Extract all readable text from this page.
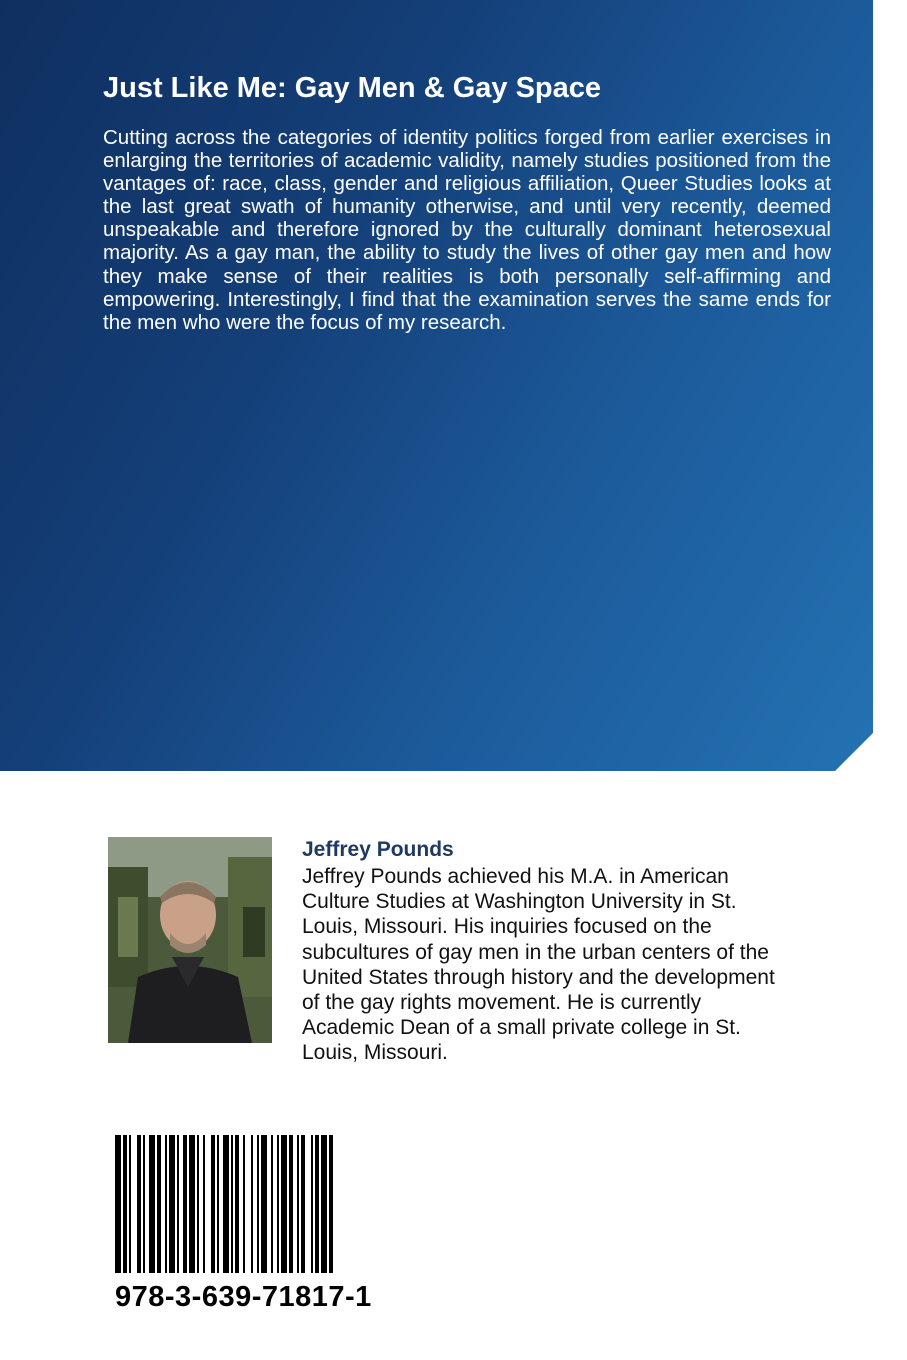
Just Like Me: Gay Men & Gay Space

Cutting across the categories of identity politics forged from earlier exercises in enlarging the territories of academic validity, namely studies positioned from the vantages of: race, class, gender and religious affiliation, Queer Studies looks at the last great swath of humanity otherwise, and until very recently, deemed unspeakable and therefore ignored by the culturally dominant heterosexual majority. As a gay man, the ability to study the lives of other gay men and how they make sense of their realities is both personally self-affirming and empowering. Interestingly, I find that the examination serves the same ends for the men who were the focus of my research.

Jeffrey Pounds
Jeffrey Pounds achieved his M.A. in American
Culture Studies at Washington University in St.
Louis, Missouri. His inquiries focused on the
subcultures of gay men in the urban centers of the
United States through history and the development
of the gay rights movement. He is currently
Academic Dean of a small private college in St.
Louis, Missouri.
978-3-639-71817-1
